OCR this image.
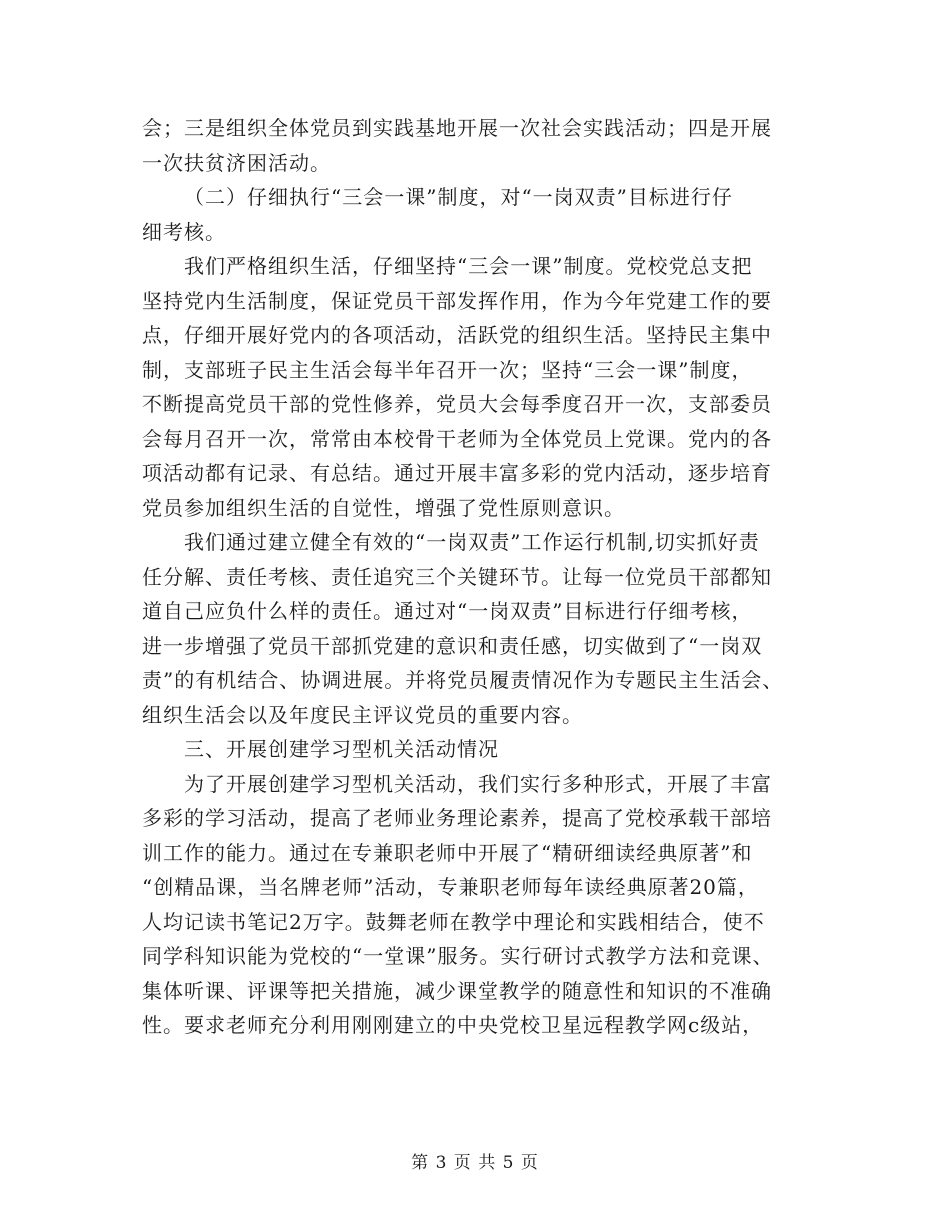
会；三是组织全体党员到实践基地开展一次社会实践活动；四是开展
一次扶贫济困活动。
（二）仔细执行“三会一课”制度，对“一岗双责”目标进行仔
细考核。
我们严格组织生活，仔细坚持“三会一课”制度。党校党总支把
坚持党内生活制度，保证党员干部发挥作用，作为今年党建工作的要
点，仔细开展好党内的各项活动，活跃党的组织生活。坚持民主集中
制，支部班子民主生活会每半年召开一次；坚持“三会一课”制度，
不断提高党员干部的党性修养，党员大会每季度召开一次，支部委员
会每月召开一次，常常由本校骨干老师为全体党员上党课。党内的各
项活动都有记录、有总结。通过开展丰富多彩的党内活动，逐步培育
党员参加组织生活的自觉性，增强了党性原则意识。
我们通过建立健全有效的“一岗双责”工作运行机制,切实抓好责
任分解、责任考核、责任追究三个关键环节。让每一位党员干部都知
道自己应负什么样的责任。通过对“一岗双责”目标进行仔细考核，
进一步增强了党员干部抓党建的意识和责任感，切实做到了“一岗双
责”的有机结合、协调进展。并将党员履责情况作为专题民主生活会、
组织生活会以及年度民主评议党员的重要内容。
三、开展创建学习型机关活动情况
为了开展创建学习型机关活动，我们实行多种形式，开展了丰富
多彩的学习活动，提高了老师业务理论素养，提高了党校承载干部培
训工作的能力。通过在专兼职老师中开展了“精研细读经典原著”和
“创精品课，当名牌老师”活动，专兼职老师每年读经典原著20篇，
人均记读书笔记2万字。鼓舞老师在教学中理论和实践相结合，使不
同学科知识能为党校的“一堂课”服务。实行研讨式教学方法和竞课、
集体听课、评课等把关措施，减少课堂教学的随意性和知识的不准确
性。要求老师充分利用刚刚建立的中央党校卫星远程教学网c级站，
第 3 页 共 5 页
